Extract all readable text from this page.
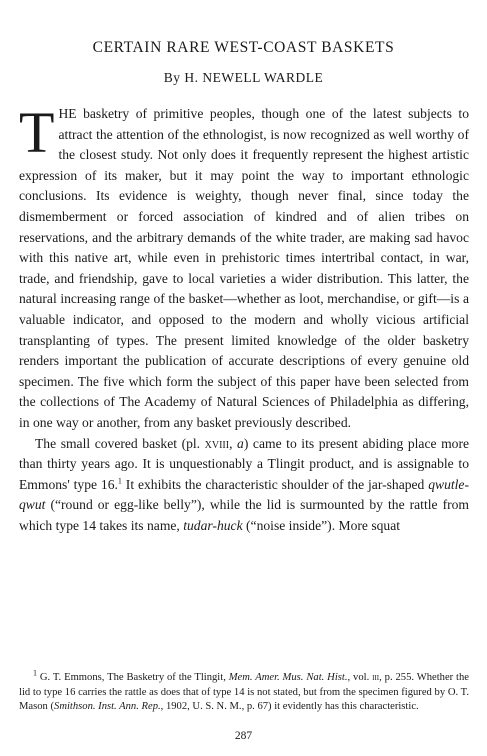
CERTAIN RARE WEST-COAST BASKETS
By H. NEWELL WARDLE

THE basketry of primitive peoples, though one of the latest subjects to attract the attention of the ethnologist, is now recognized as well worthy of the closest study. Not only does it frequently represent the highest artistic expression of its maker, but it may point the way to important ethnologic conclusions. Its evidence is weighty, though never final, since today the dismemberment or forced association of kindred and of alien tribes on reservations, and the arbitrary demands of the white trader, are making sad havoc with this native art, while even in prehistoric times intertribal contact, in war, trade, and friendship, gave to local varieties a wider distribution. This latter, the natural increasing range of the basket—whether as loot, merchandise, or gift—is a valuable indicator, and opposed to the modern and wholly vicious artificial transplanting of types. The present limited knowledge of the older basketry renders important the publication of accurate descriptions of every genuine old specimen. The five which form the subject of this paper have been selected from the collections of The Academy of Natural Sciences of Philadelphia as differing, in one way or another, from any basket previously described.

The small covered basket (pl. xviii, a) came to its present abiding place more than thirty years ago. It is unquestionably a Tlingit product, and is assignable to Emmons' type 16.$^1$ It exhibits the characteristic shoulder of the jar-shaped qwutle-qwut (“round or egg-like belly”), while the lid is surmounted by the rattle from which type 14 takes its name, tudar-huck (“noise inside”). More squat

$^1$ G. T. Emmons, The Basketry of the Tlingit, Mem. Amer. Mus. Nat. Hist., vol. iii, p. 255. Whether the lid to type 16 carries the rattle as does that of type 14 is not stated, but from the specimen figured by O. T. Mason (Smithson. Inst. Ann. Rep., 1902, U. S. N. M., p. 67) it evidently has this characteristic.

287
